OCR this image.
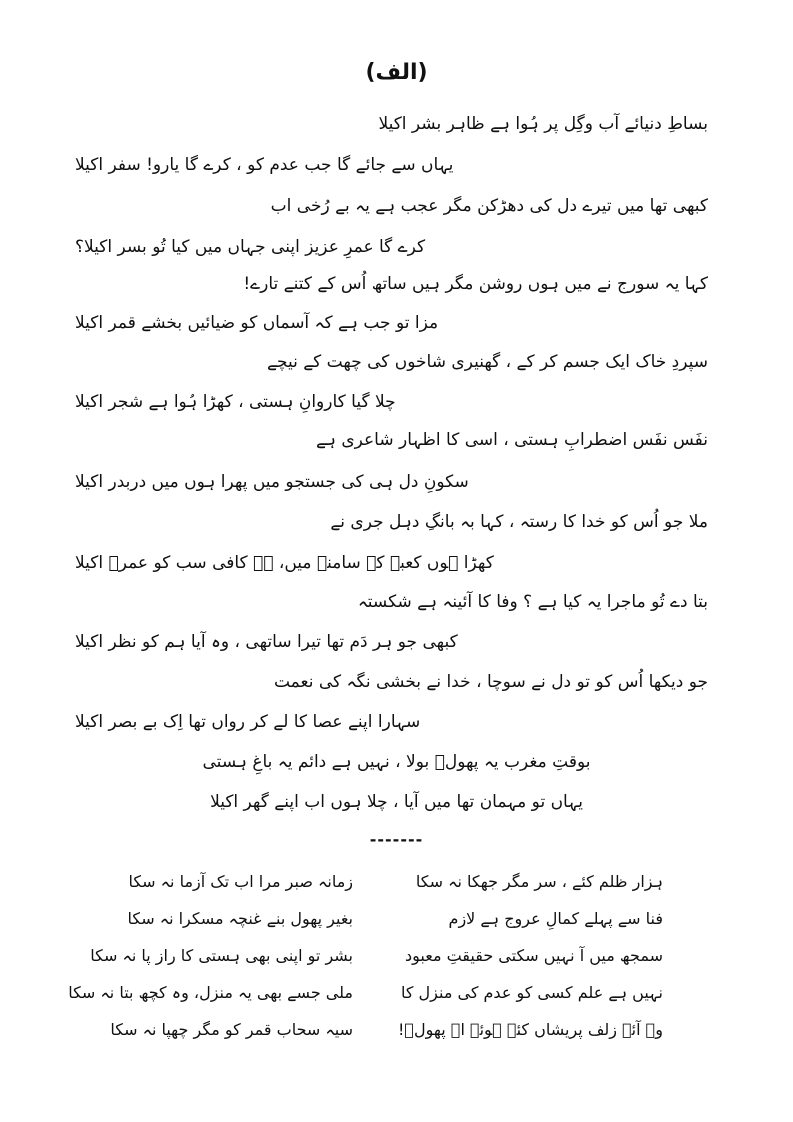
(الف)
بساطِ دنیائے آب وگِل پر ہُوا ہے ظاہر بشر اکیلا
یہاں سے جائے گا جب عدم کو ، کرے گا یارو! سفر اکیلا
کبھی تھا میں تیرے دل کی دھڑکن مگر عجب ہے یہ بے رُخی اب
کرے گا عمرِ عزیز اپنی جہاں میں کیا تُو بسر اکیلا؟
کہا یہ سورج نے میں ہوں روشن مگر ہیں ساتھ اُس کے کتنے تارے!
مزا تو جب ہے کہ آسماں کو ضیائیں بخشے قمر اکیلا
سپردِ خاک ایک جسم کر کے ، گھنیری شاخوں کی چھت کے نیچے
چلا گیا کاروانِ ہستی ، کھڑا ہُوا ہے شجر اکیلا
نفَس نفَس اضطرابِ ہستی ، اسی کا اظہار شاعری ہے
سکونِ دل ہی کی جستجو میں پھرا ہوں میں دربدر اکیلا
ملا جو اُس کو خدا کا رستہ ، کہا بہ بانگِ دہل جری نے
کھڑا ہوں کعبے کے سامنے میں، ہے کافی سب کو عمرؓ اکیلا
بتا دے تُو ماجرا یہ کیا ہے ؟ وفا کا آئینہ ہے شکستہ
کبھی جو ہر دَم تھا تیرا ساتھی ، وہ آیا ہم کو نظر اکیلا
جو دیکھا اُس کو تو دل نے سوچا ، خدا نے بخشی نگہ کی نعمت
سہارا اپنے عصا کا لے کر رواں تھا اِک بے بصر اکیلا
بوقتِ مغرب یہ پھولؔ بولا ، نہیں ہے دائم یہ باغِ ہستی
یہاں تو مہمان تھا میں آیا ، چلا ہوں اب اپنے گھر اکیلا
-------
ہزار ظلم کئے ، سر مگر جھکا نہ سکا
زمانہ صبر مرا اب تک آزما نہ سکا
فنا سے پہلے کمالِ عروج ہے لازم
بغیر پھول بنے غنچہ مسکرا نہ سکا
سمجھ میں آ نہیں سکتی حقیقتِ معبود
بشر تو اپنی بھی ہستی کا راز پا نہ سکا
نہیں ہے علم کسی کو عدم کی منزل کا
ملی جسے بھی یہ منزل، وہ کچھ بتا نہ سکا
وہ آئے زلف پریشاں کئے ہوئے اے پھولؔ!
سیہ سحاب قمر کو مگر چھپا نہ سکا
